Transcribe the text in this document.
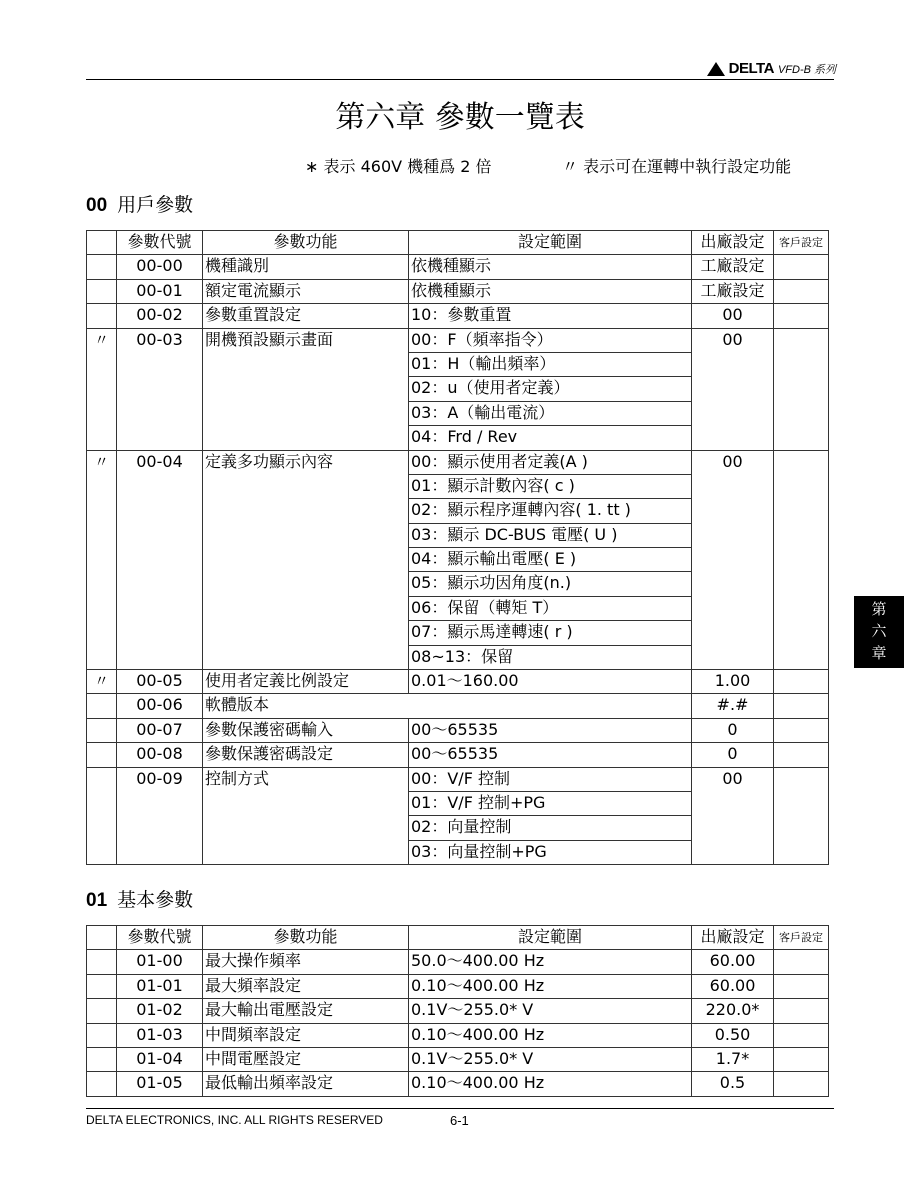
DELTA VFD-B 系列
第六章 參數一覽表
∗ 表示 460V 機種爲 2 倍	〃 表示可在運轉中執行設定功能
00 用戶參數
	參數代號	參數功能	設定範圍	出廠設定	客戶設定
	00-00	機種識別	依機種顯示	工廠設定	
	00-01	額定電流顯示	依機種顯示	工廠設定	
	00-02	參數重置設定	10：參數重置	00	
〃	00-03	開機預設顯示畫面	00：F（頻率指令）	00	
			01：H（輸出頻率）		
			02：u（使用者定義）		
			03：A（輸出電流）		
			04：Frd / Rev		
〃	00-04	定義多功顯示內容	00：顯示使用者定義(A )	00	
			01：顯示計數內容( c )		
			02：顯示程序運轉內容( 1. tt )		
			03：顯示 DC-BUS 電壓( U )		
			04：顯示輸出電壓( E )		
			05：顯示功因角度(n.)		
			06：保留（轉矩 T）		
			07：顯示馬達轉速( r )		
			08~13：保留		
〃	00-05	使用者定義比例設定	0.01～160.00	1.00	
	00-06	軟體版本		#.#	
	00-07	參數保護密碼輸入	00～65535	0	
	00-08	參數保護密碼設定	00～65535	0	
	00-09	控制方式	00：V/F 控制	00	
			01：V/F 控制+PG		
			02：向量控制		
			03：向量控制+PG		
01 基本參數
	參數代號	參數功能	設定範圍	出廠設定	客戶設定
	01-00	最大操作頻率	50.0～400.00 Hz	60.00	
	01-01	最大頻率設定	0.10～400.00 Hz	60.00	
	01-02	最大輸出電壓設定	0.1V～255.0* V	220.0*	
	01-03	中間頻率設定	0.10～400.00 Hz	0.50	
	01-04	中間電壓設定	0.1V～255.0* V	1.7*	
	01-05	最低輸出頻率設定	0.10～400.00 Hz	0.5	
第
六
章
DELTA ELECTRONICS, INC. ALL RIGHTS RESERVED	6-1
